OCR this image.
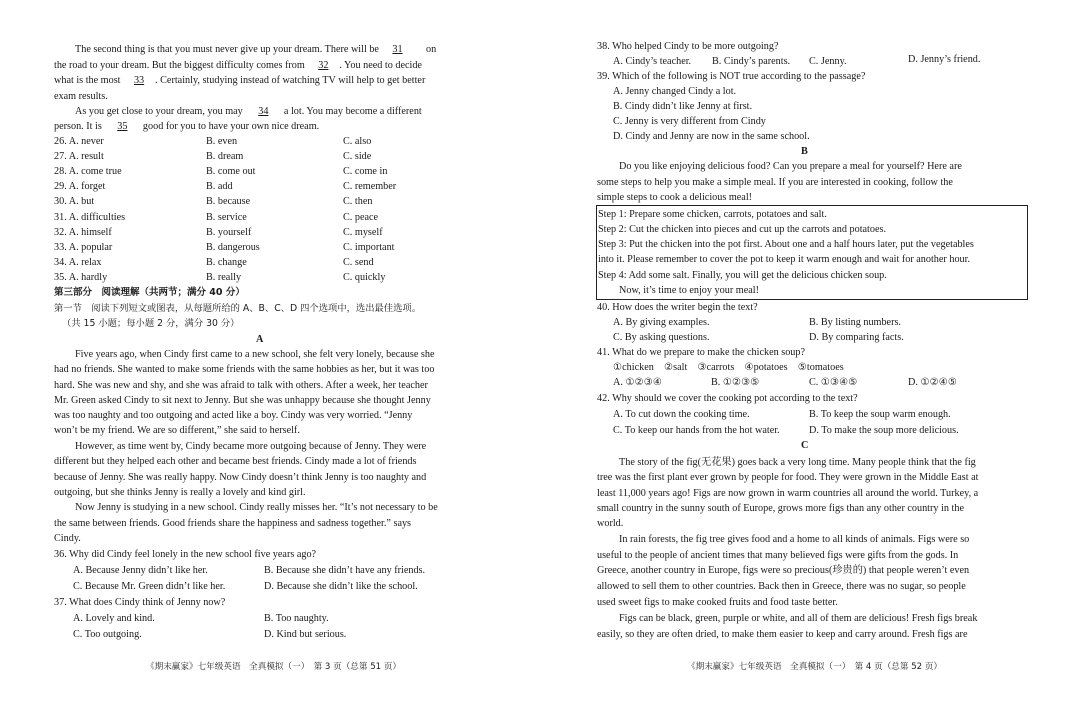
The second thing is that you must never give up your dream. There will be 31 on
the road to your dream. But the biggest difficulty comes from 32 . You need to decide
what is the most 33 . Certainly, studying instead of watching TV will help to get better
exam results.
As you get close to your dream, you may 34 a lot. You may become a different
person. It is 35 good for you to have your own nice dream.
26. A. never	B. even	C. also
27. A. result	B. dream	C. side
28. A. come true	B. come out	C. come in
29. A. forget	B. add	C. remember
30. A. but	B. because	C. then
31. A. difficulties	B. service	C. peace
32. A. himself	B. yourself	C. myself
33. A. popular	B. dangerous	C. important
34. A. relax	B. change	C. send
35. A. hardly	B. really	C. quickly
第三部分　阅读理解（共两节；满分 40 分）
第一节　阅读下列短文或图表，从每题所给的 A、B、C、D 四个选项中，选出最佳选项。
（共 15 小题；每小题 2 分，满分 30 分）
A
Five years ago, when Cindy first came to a new school, she felt very lonely, because she
had no friends. She wanted to make some friends with the same hobbies as her, but it was too
hard. She was new and shy, and she was afraid to talk with others. After a week, her teacher
Mr. Green asked Cindy to sit next to Jenny. But she was unhappy because she thought Jenny
was too naughty and too outgoing and acted like a boy. Cindy was very worried. “Jenny
won’t be my friend. We are so different,” she said to herself.
However, as time went by, Cindy became more outgoing because of Jenny. They were
different but they helped each other and became best friends. Cindy made a lot of friends
because of Jenny. She was really happy. Now Cindy doesn’t think Jenny is too naughty and
outgoing, but she thinks Jenny is really a lovely and kind girl.
Now Jenny is studying in a new school. Cindy really misses her. “It’s not necessary to be
the same between friends. Good friends share the happiness and sadness together.” says
Cindy.
36. Why did Cindy feel lonely in the new school five years ago?
A. Because Jenny didn’t like her.	B. Because she didn’t have any friends.
C. Because Mr. Green didn’t like her.	D. Because she didn’t like the school.
37. What does Cindy think of Jenny now?
A. Lovely and kind.	B. Too naughty.
C. Too outgoing.	D. Kind but serious.
《期末赢家》七年级英语　全真模拟（一）　第 3 页（总第 51 页）
38. Who helped Cindy to be more outgoing?
A. Cindy’s teacher. B. Cindy’s parents. C. Jenny.	D. Jenny’s friend.
39. Which of the following is NOT true according to the passage?
A. Jenny changed Cindy a lot.
B. Cindy didn’t like Jenny at first.
C. Jenny is very different from Cindy
D. Cindy and Jenny are now in the same school.
B
Do you like enjoying delicious food? Can you prepare a meal for yourself? Here are
some steps to help you make a simple meal. If you are interested in cooking, follow the
simple steps to cook a delicious meal!
Step 1: Prepare some chicken, carrots, potatoes and salt.
Step 2: Cut the chicken into pieces and cut up the carrots and potatoes.
Step 3: Put the chicken into the pot first. About one and a half hours later, put the vegetables
into it. Please remember to cover the pot to keep it warm enough and wait for another hour.
Step 4: Add some salt. Finally, you will get the delicious chicken soup.
Now, it’s time to enjoy your meal!
40. How does the writer begin the text?
A. By giving examples.	B. By listing numbers.
C. By asking questions.	D. By comparing facts.
41. What do we prepare to make the chicken soup?
①chicken　②salt　③carrots　④potatoes　⑤tomatoes
A. ①②③④	B. ①②③⑤	C. ①③④⑤	D. ①②④⑤
42. Why should we cover the cooking pot according to the text?
A. To cut down the cooking time.	B. To keep the soup warm enough.
C. To keep our hands from the hot water.	D. To make the soup more delicious.
C
The story of the fig(无花果) goes back a very long time. Many people think that the fig
tree was the first plant ever grown by people for food. They were grown in the Middle East at
least 11,000 years ago! Figs are now grown in warm countries all around the world. Turkey, a
small country in the sunny south of Europe, grows more figs than any other country in the
world.
In rain forests, the fig tree gives food and a home to all kinds of animals. Figs were so
useful to the people of ancient times that many believed figs were gifts from the gods. In
Greece, another country in Europe, figs were so precious(珍贵的) that people weren’t even
allowed to sell them to other countries. Back then in Greece, there was no sugar, so people
used sweet figs to make cooked fruits and food taste better.
Figs can be black, green, purple or white, and all of them are delicious! Fresh figs break
easily, so they are often dried, to make them easier to keep and carry around. Fresh figs are
《期末赢家》七年级英语　全真模拟（一）　第 4 页（总第 52 页）
